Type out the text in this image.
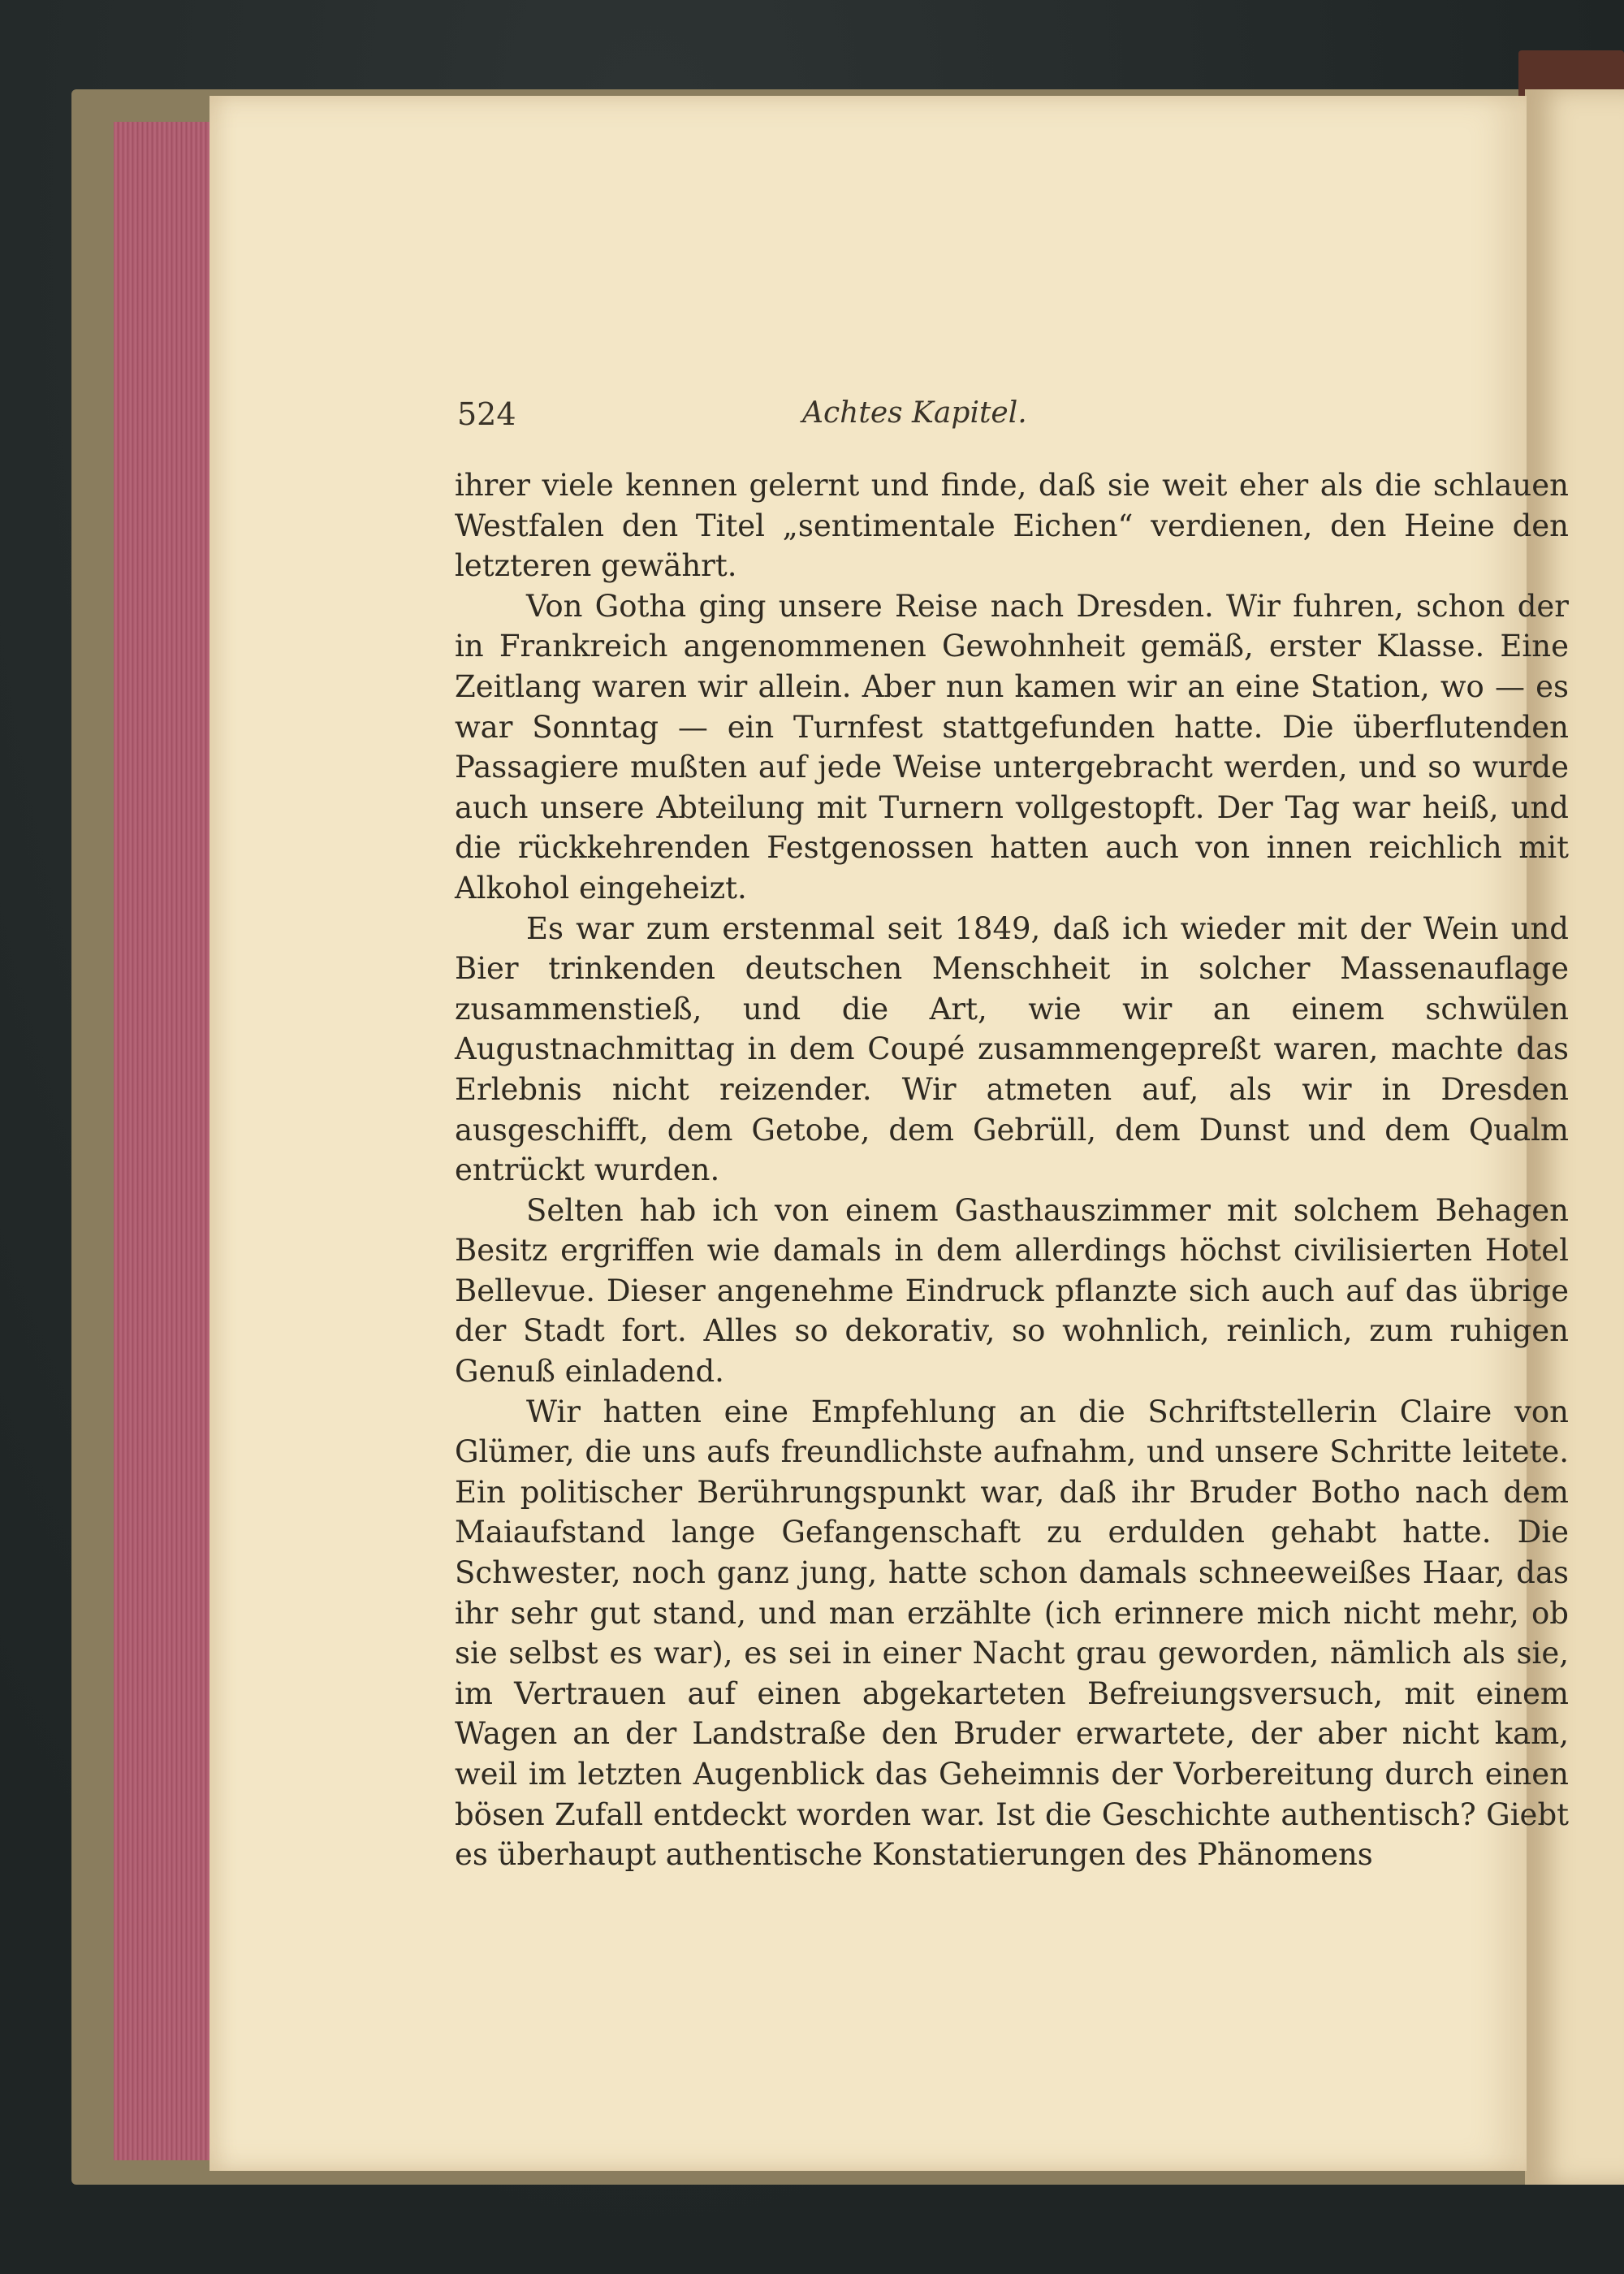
524	Achtes Kapitel.

ihrer viele kennen gelernt und finde, daß sie weit eher als die schlauen Westfalen den Titel „sentimentale Eichen“ verdienen, den Heine den letzteren gewährt.

Von Gotha ging unsere Reise nach Dresden. Wir fuhren, schon der in Frankreich angenommenen Gewohnheit gemäß, erster Klasse. Eine Zeitlang waren wir allein. Aber nun kamen wir an eine Station, wo — es war Sonntag — ein Turnfest stattgefunden hatte. Die überflutenden Passagiere mußten auf jede Weise untergebracht werden, und so wurde auch unsere Abteilung mit Turnern vollgestopft. Der Tag war heiß, und die rückkehrenden Festgenossen hatten auch von innen reichlich mit Alkohol eingeheizt.

Es war zum erstenmal seit 1849, daß ich wieder mit der Wein und Bier trinkenden deutschen Menschheit in solcher Massenauflage zusammenstieß, und die Art, wie wir an einem schwülen Augustnachmittag in dem Coupé zusammengepreßt waren, machte das Erlebnis nicht reizender. Wir atmeten auf, als wir in Dresden ausgeschifft, dem Getobe, dem Gebrüll, dem Dunst und dem Qualm entrückt wurden.

Selten hab ich von einem Gasthauszimmer mit solchem Behagen Besitz ergriffen wie damals in dem allerdings höchst civilisierten Hotel Bellevue. Dieser angenehme Eindruck pflanzte sich auch auf das übrige der Stadt fort. Alles so dekorativ, so wohnlich, reinlich, zum ruhigen Genuß einladend.

Wir hatten eine Empfehlung an die Schriftstellerin Claire von Glümer, die uns aufs freundlichste aufnahm, und unsere Schritte leitete. Ein politischer Berührungspunkt war, daß ihr Bruder Botho nach dem Maiaufstand lange Gefangenschaft zu erdulden gehabt hatte. Die Schwester, noch ganz jung, hatte schon damals schneeweißes Haar, das ihr sehr gut stand, und man erzählte (ich erinnere mich nicht mehr, ob sie selbst es war), es sei in einer Nacht grau geworden, nämlich als sie, im Vertrauen auf einen abgekarteten Befreiungsversuch, mit einem Wagen an der Landstraße den Bruder erwartete, der aber nicht kam, weil im letzten Augenblick das Geheimnis der Vorbereitung durch einen bösen Zufall entdeckt worden war. Ist die Geschichte authentisch? Giebt es überhaupt authentische Konstatierungen des Phänomens
